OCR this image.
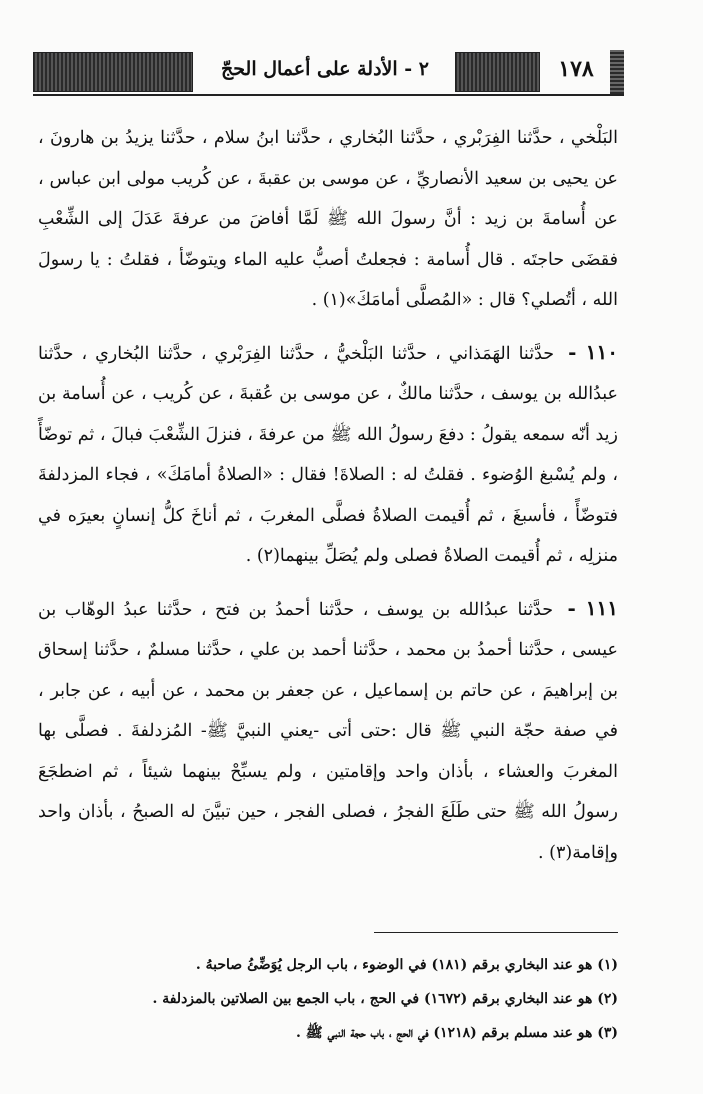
٢ - الأدلة على أعمال الحجّ	١٧٨

البَلْخي ، حدَّثنا الفِرَبْري ، حدَّثنا البُخاري ، حدَّثنا ابنُ سلام ، حدَّثنا يزيدُ بن هارونَ ، عن يحيى بن سعيد الأنصاريِّ ، عن موسى بن عقبةَ ، عن كُريب مولى ابن عباس ، عن أُسامةَ بن زيد : أنَّ رسولَ الله ﷺ لَمَّا أفاضَ من عرفةَ عَدَلَ إلى الشِّعْبِ فقضَى حاجتَه . قال أُسامة : فجعلتُ أصبُّ عليه الماء ويتوضّأ ، فقلتُ : يا رسولَ الله ، أتُصلي؟ قال : «المُصلَّى أمامَكَ»(١) .

١١٠ - حدَّثنا الهَمَذاني ، حدَّثنا البَلْخيُّ ، حدَّثنا الفِرَبْري ، حدَّثنا البُخاري ، حدَّثنا عبدُالله بن يوسف ، حدَّثنا مالكٌ ، عن موسى بن عُقبةَ ، عن كُريب ، عن أُسامة بن زيد أنّه سمعه يقولُ : دفعَ رسولُ الله ﷺ من عرفةَ ، فنزلَ الشِّعْبَ فبالَ ، ثم توضّأً ، ولم يُسْبغ الوُضوء . فقلتُ له : الصلاةَ! فقال : «الصلاةُ أمامَكَ» ، فجاء المزدلفةَ فتوضّأً ، فأسبغَ ، ثم أُقيمت الصلاةُ فصلَّى المغربَ ، ثم أناخَ كلُّ إنسانٍ بعيرَه في منزلِه ، ثم أُقيمت الصلاةُ فصلى ولم يُصَلِّ بينهما(٢) .

١١١ - حدَّثنا عبدُالله بن يوسف ، حدَّثنا أحمدُ بن فتح ، حدَّثنا عبدُ الوهّاب بن عيسى ، حدَّثنا أحمدُ بن محمد ، حدَّثنا أحمد بن علي ، حدَّثنا مسلمٌ ، حدَّثنا إسحاق بن إبراهيمَ ، عن حاتم بن إسماعيل ، عن جعفر بن محمد ، عن أبيه ، عن جابر ، في صفة حجّة النبي ﷺ قال :حتى أتى -يعني النبيَّ ﷺ- المُزدلفةَ . فصلَّى بها المغربَ والعشاء ، بأذان واحد وإقامتين ، ولم يسبِّحْ بينهما شيئاً ، ثم اضطجَعَ رسولُ الله ﷺ حتى طَلَعَ الفجرُ ، فصلى الفجر ، حين تبيَّنَ له الصبحُ ، بأذان واحد وإقامة(٣) .

(١) هو عند البخاري برقم (١٨١) في الوضوء ، باب الرجل يُوَضِّئُ صاحبهُ .

(٢) هو عند البخاري برقم (١٦٧٢) في الحج ، باب الجمع بين الصلاتين بالمزدلفة .

(٣) هو عند مسلم برقم (١٢١٨) في الحج ، باب حجة النبي ﷺ .
